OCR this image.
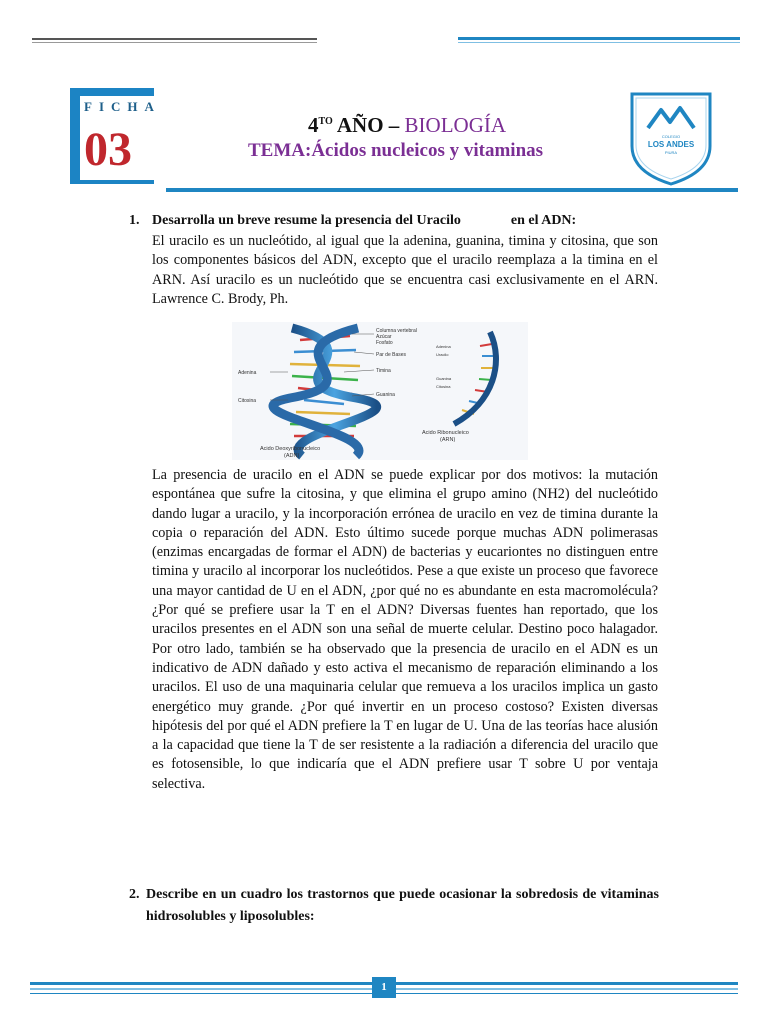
FICHA
03	$4^{TO}$ AÑO – BIOLOGÍA
TEMA:Ácidos nucleicos y vitaminas
COLEGIO
LOS ANDES
PIURA
1. Desarrolla un breve resume la presencia del Uracilo	en el ADN:
El uracilo es un nucleótido, al igual que la adenina, guanina, timina y citosina, que son los componentes básicos del ADN, excepto que el uracilo reemplaza a la timina en el ARN. Así uracilo es un nucleótido que se encuentra casi exclusivamente en el ARN. Lawrence C. Brody, Ph.
Columna vertebral
Azúcar
Fosfato
Par de Bases
Adenina	Timina
Citosina
Guanina
Acido Deoxyribonucleico
(ADN)
Adenina
Uracilo
Guanina
Citosina
Acido Ribonucleico
(ARN)
La presencia de uracilo en el ADN se puede explicar por dos motivos: la mutación espontánea que sufre la citosina, y que elimina el grupo amino (NH2) del nucleótido dando lugar a uracilo, y la incorporación errónea de uracilo en vez de timina durante la copia o reparación del ADN. Esto último sucede porque muchas ADN polimerasas (enzimas encargadas de formar el ADN) de bacterias y eucariontes no distinguen entre timina y uracilo al incorporar los nucleótidos. Pese a que existe un proceso que favorece una mayor cantidad de U en el ADN, ¿por qué no es abundante en esta macromolécula? ¿Por qué se prefiere usar la T en el ADN? Diversas fuentes han reportado, que los uracilos presentes en el ADN son una señal de muerte celular. Destino poco halagador. Por otro lado, también se ha observado que la presencia de uracilo en el ADN es un indicativo de ADN dañado y esto activa el mecanismo de reparación eliminando a los uracilos. El uso de una maquinaria celular que remueva a los uracilos implica un gasto energético muy grande. ¿Por qué invertir en un proceso costoso? Existen diversas hipótesis del por qué el ADN prefiere la T en lugar de U. Una de las teorías hace alusión a la capacidad que tiene la T de ser resistente a la radiación a diferencia del uracilo que es fotosensible, lo que indicaría que el ADN prefiere usar T sobre U por ventaja selectiva.
2. Describe en un cuadro los trastornos que puede ocasionar la sobredosis de vitaminas hidrosolubles y liposolubles:
1
